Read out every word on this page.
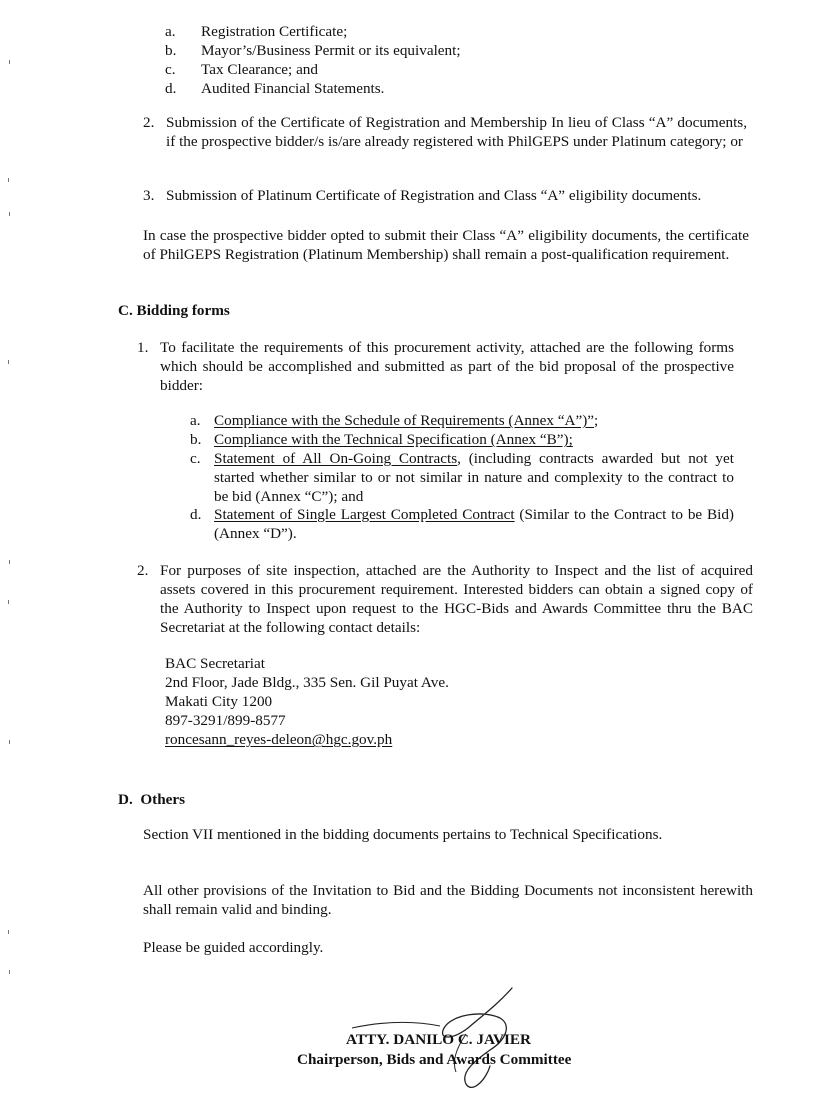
a. Registration Certificate;
b. Mayor’s/Business Permit or its equivalent;
c. Tax Clearance; and
d. Audited Financial Statements.
2. Submission of the Certificate of Registration and Membership In lieu of Class “A” documents, if the prospective bidder/s is/are already registered with PhilGEPS under Platinum category; or
3. Submission of Platinum Certificate of Registration and Class “A” eligibility documents.
In case the prospective bidder opted to submit their Class “A” eligibility documents, the certificate of PhilGEPS Registration (Platinum Membership) shall remain a post-qualification requirement.
C. Bidding forms
1. To facilitate the requirements of this procurement activity, attached are the following forms which should be accomplished and submitted as part of the bid proposal of the prospective bidder:
a. Compliance with the Schedule of Requirements (Annex “A”)”;
b. Compliance with the Technical Specification (Annex “B”);
c. Statement of All On-Going Contracts, (including contracts awarded but not yet started whether similar to or not similar in nature and complexity to the contract to be bid (Annex “C”); and
d. Statement of Single Largest Completed Contract (Similar to the Contract to be Bid) (Annex “D”).
2. For purposes of site inspection, attached are the Authority to Inspect and the list of acquired assets covered in this procurement requirement. Interested bidders can obtain a signed copy of the Authority to Inspect upon request to the HGC-Bids and Awards Committee thru the BAC Secretariat at the following contact details:
BAC Secretariat
2nd Floor, Jade Bldg., 335 Sen. Gil Puyat Ave.
Makati City 1200
897-3291/899-8577
roncesann_reyes-deleon@hgc.gov.ph
D.  Others
Section VII mentioned in the bidding documents pertains to Technical Specifications.
All other provisions of the Invitation to Bid and the Bidding Documents not inconsistent herewith shall remain valid and binding.
Please be guided accordingly.
ATTY. DANILO C. JAVIER
Chairperson, Bids and Awards Committee
